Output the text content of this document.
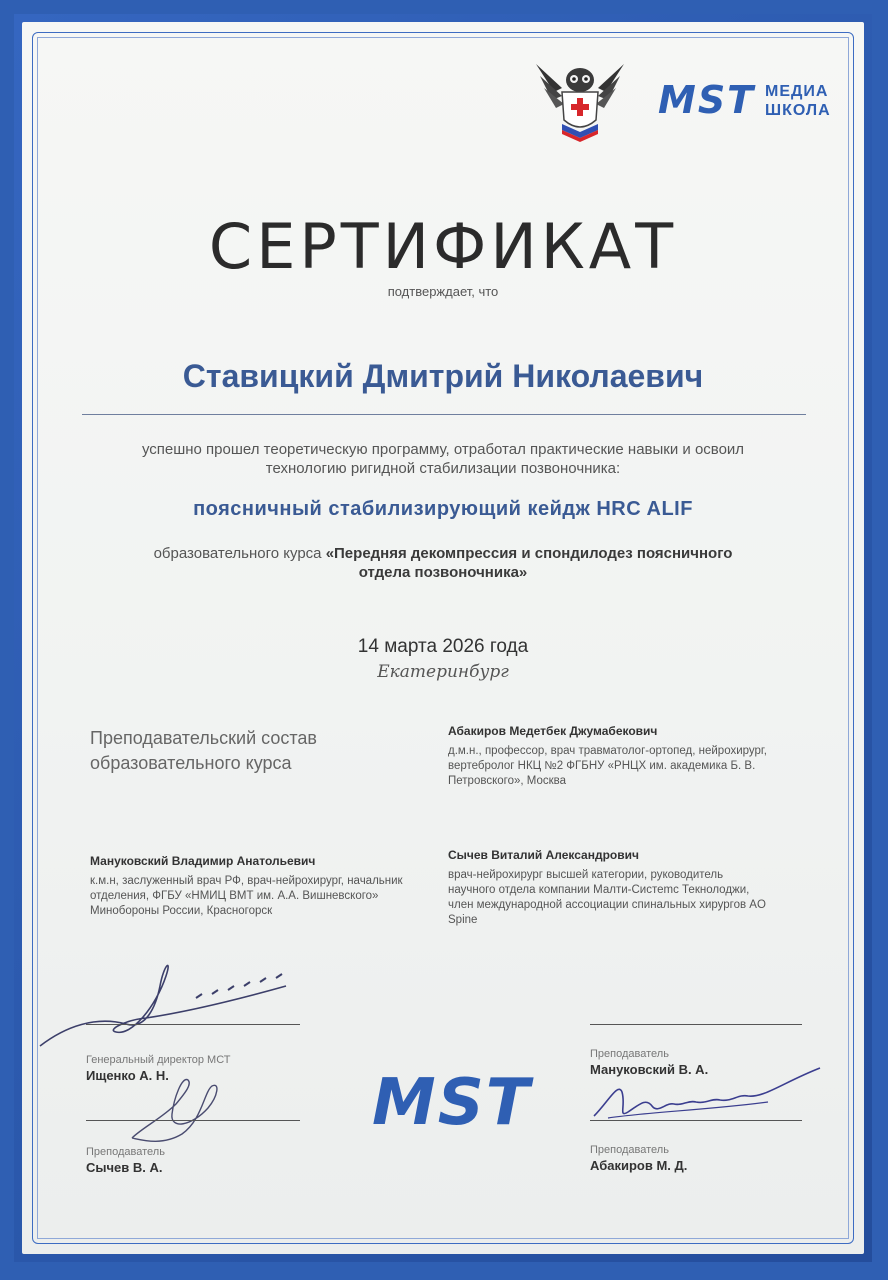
MST МЕДИА
ШКОЛА
СЕРТИФИКАТ
подтверждает, что
Ставицкий Дмитрий Николаевич
успешно прошел теоретическую программу, отработал практические навыки и освоил технологию ригидной стабилизации позвоночника:
поясничный стабилизирующий кейдж HRC ALIF
образовательного курса «Передняя декомпрессия и спондилодез поясничного отдела позвоночника»
14 марта 2026 года
Екатеринбург
Преподавательский состав образовательного курса
Абакиров Медетбек Джумабекович
д.м.н., профессор, врач травматолог-ортопед, нейрохирург, вертебролог НКЦ №2 ФГБНУ «РНЦХ им. академика Б. В. Петровского», Москва
Мануковский Владимир Анатольевич
к.м.н, заслуженный врач РФ, врач-нейрохирург, начальник отделения, ФГБУ «НМИЦ ВМТ им. А.А. Вишневского» Минобороны России, Красногорск
Сычев Виталий Александрович
врач-нейрохирург высшей категории, руководитель научного отдела компании Малти-Систеmс Текнолоджи, член международной ассоциации спинальных хирургов AO Spine
Генеральный директор МСТ
Ищенко А. Н.
Преподаватель
Сычев В. А.
MST
Преподаватель
Мануковский В. А.
Преподаватель
Абакиров М. Д.
